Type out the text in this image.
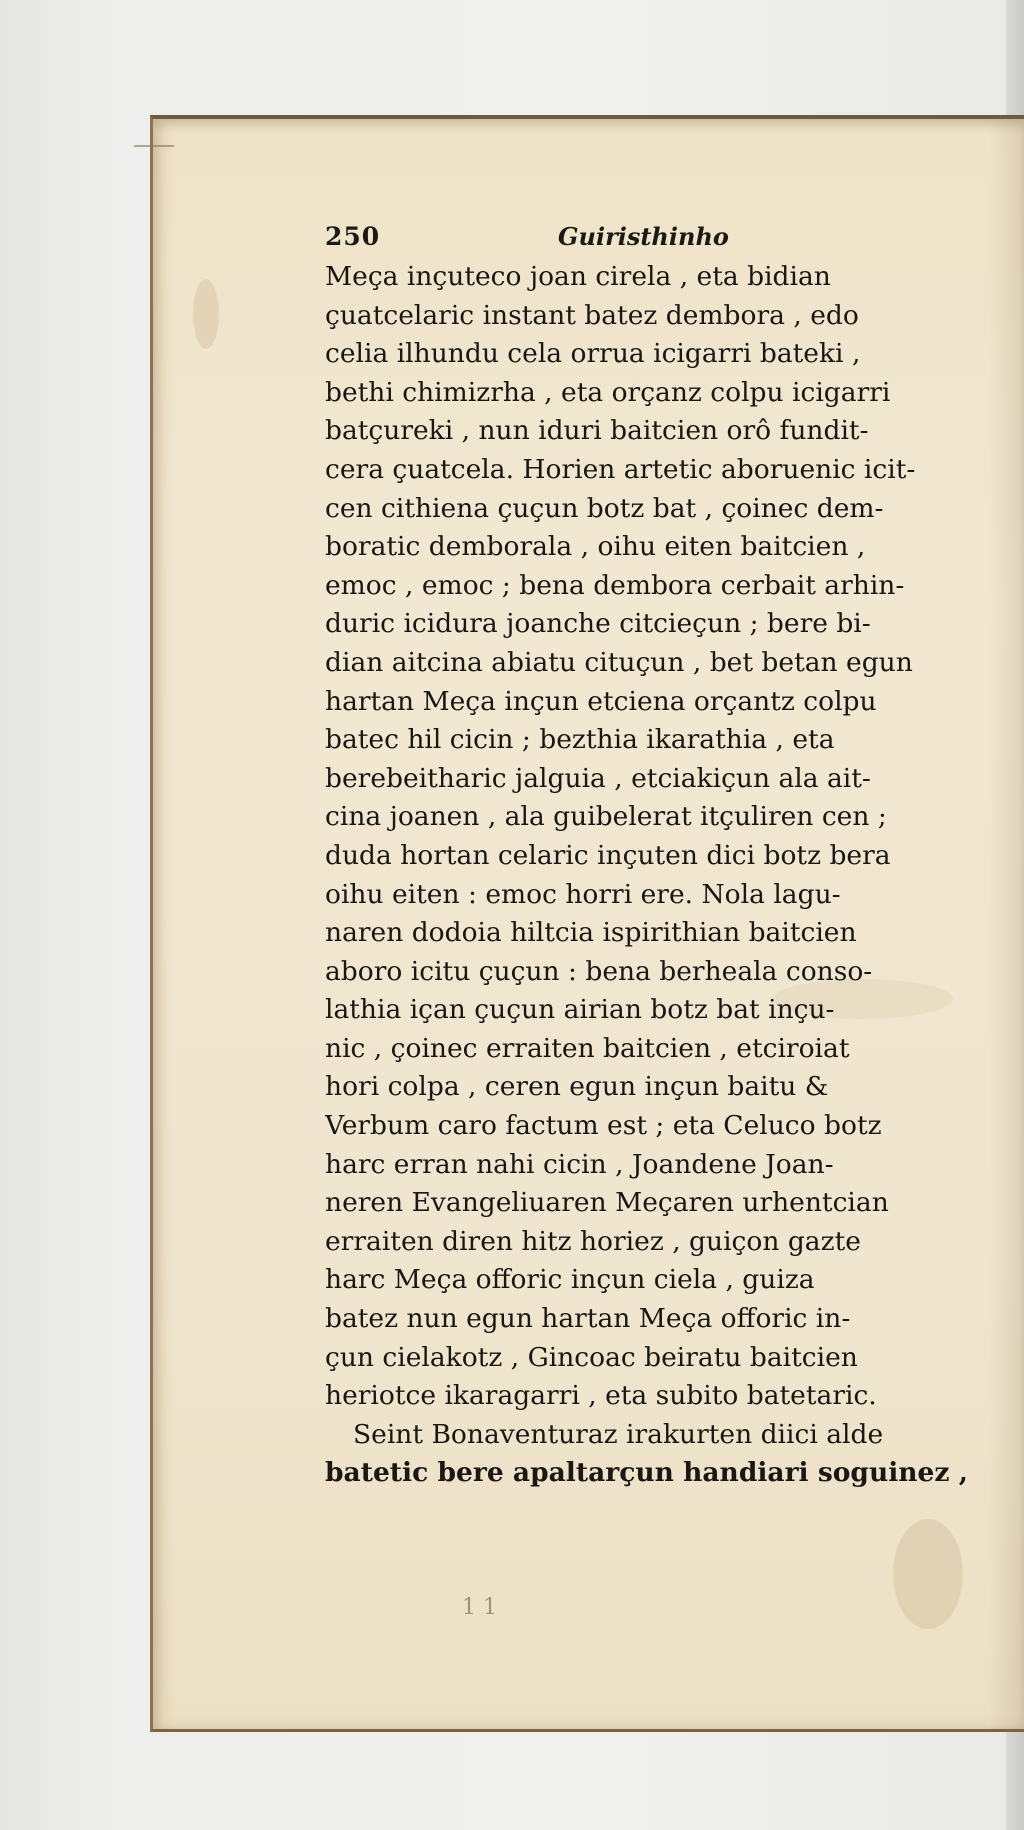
250	Guiristhinho
Meça inçuteco joan cirela , eta bidian
çuatcelaric instant batez dembora , edo
celia ilhundu cela orrua icigarri bateki ,
bethi chimizrha , eta orçanz colpu icigarri
batçureki , nun iduri baitcien orô fundit-
cera çuatcela. Horien artetic aboruenic icit-
cen cithiena çuçun botz bat , çoinec dem-
boratic demborala , oihu eiten baitcien ,
emoc , emoc ; bena dembora cerbait arhin-
duric icidura joanche citcieçun ; bere bi-
dian aitcina abiatu cituçun , bet betan egun
hartan Meça inçun etciena orçantz colpu
batec hil cicin ; bezthia ikarathia , eta
berebeitharic jalguia , etciakiçun ala ait-
cina joanen , ala guibelerat itçuliren cen ;
duda hortan celaric inçuten dici botz bera
oihu eiten : emoc horri ere. Nola lagu-
naren dodoia hiltcia ispirithian baitcien
aboro icitu çuçun : bena berheala conso-
lathia içan çuçun airian botz bat inçu-
nic , çoinec erraiten baitcien , etciroiat
hori colpa , ceren egun inçun baitu &
Verbum caro factum est ; eta Celuco botz
harc erran nahi cicin , Joandene Joan-
neren Evangeliuaren Meçaren urhentcian
erraiten diren hitz horiez , guiçon gazte
harc Meça offoric inçun ciela , guiza
batez nun egun hartan Meça offoric in-
çun cielakotz , Gincoac beiratu baitcien
heriotce ikaragarri , eta subito batetaric.
Seint Bonaventuraz irakurten diici alde
batetic bere apaltarçun handiari soguinez ,
1 1
